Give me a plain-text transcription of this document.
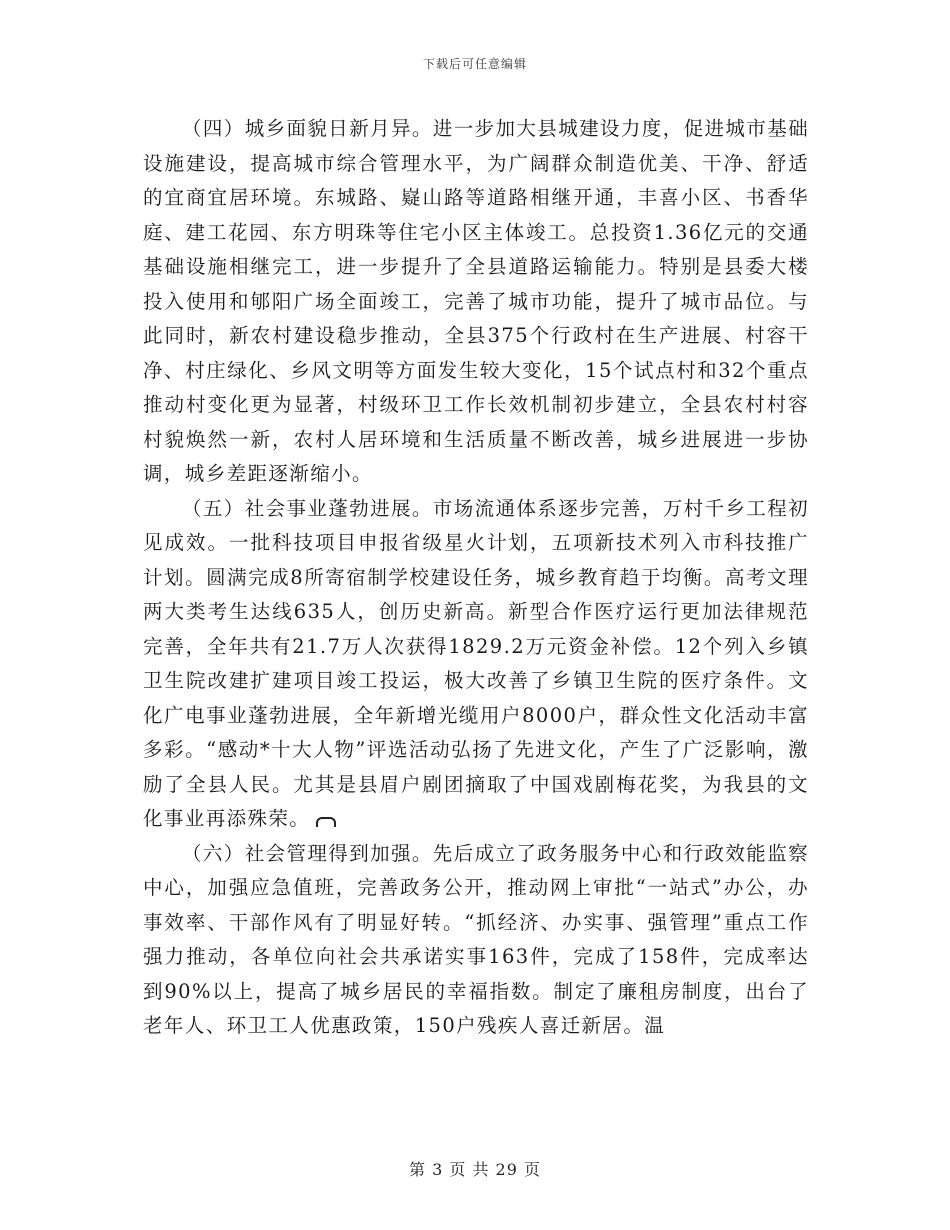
下载后可任意编辑

（四）城乡面貌日新月异。进一步加大县城建设力度，促进城市基础设施建设，提高城市综合管理水平，为广阔群众制造优美、干净、舒适的宜商宜居环境。东城路、嶷山路等道路相继开通，丰喜小区、书香华庭、建工花园、东方明珠等住宅小区主体竣工。总投资1.36亿元的交通基础设施相继完工，进一步提升了全县道路运输能力。特别是县委大楼投入使用和郇阳广场全面竣工，完善了城市功能，提升了城市品位。与此同时，新农村建设稳步推动，全县375个行政村在生产进展、村容干净、村庄绿化、乡风文明等方面发生较大变化，15个试点村和32个重点推动村变化更为显著，村级环卫工作长效机制初步建立，全县农村村容村貌焕然一新，农村人居环境和生活质量不断改善，城乡进展进一步协调，城乡差距逐渐缩小。

（五）社会事业蓬勃进展。市场流通体系逐步完善，万村千乡工程初见成效。一批科技项目申报省级星火计划，五项新技术列入市科技推广计划。圆满完成8所寄宿制学校建设任务，城乡教育趋于均衡。高考文理两大类考生达线635人，创历史新高。新型合作医疗运行更加法律规范完善，全年共有21.7万人次获得1829.2万元资金补偿。12个列入乡镇卫生院改建扩建项目竣工投运，极大改善了乡镇卫生院的医疗条件。文化广电事业蓬勃进展，全年新增光缆用户8000户，群众性文化活动丰富多彩。“感动*十大人物”评选活动弘扬了先进文化，产生了广泛影响，激励了全县人民。尤其是县眉户剧团摘取了中国戏剧梅花奖，为我县的文化事业再添殊荣。

（六）社会管理得到加强。先后成立了政务服务中心和行政效能监察中心，加强应急值班，完善政务公开，推动网上审批“一站式”办公，办事效率、干部作风有了明显好转。“抓经济、办实事、强管理”重点工作强力推动，各单位向社会共承诺实事163件，完成了158件，完成率达到90%以上，提高了城乡居民的幸福指数。制定了廉租房制度，出台了老年人、环卫工人优惠政策，150户残疾人喜迁新居。温

第 3 页 共 29 页
